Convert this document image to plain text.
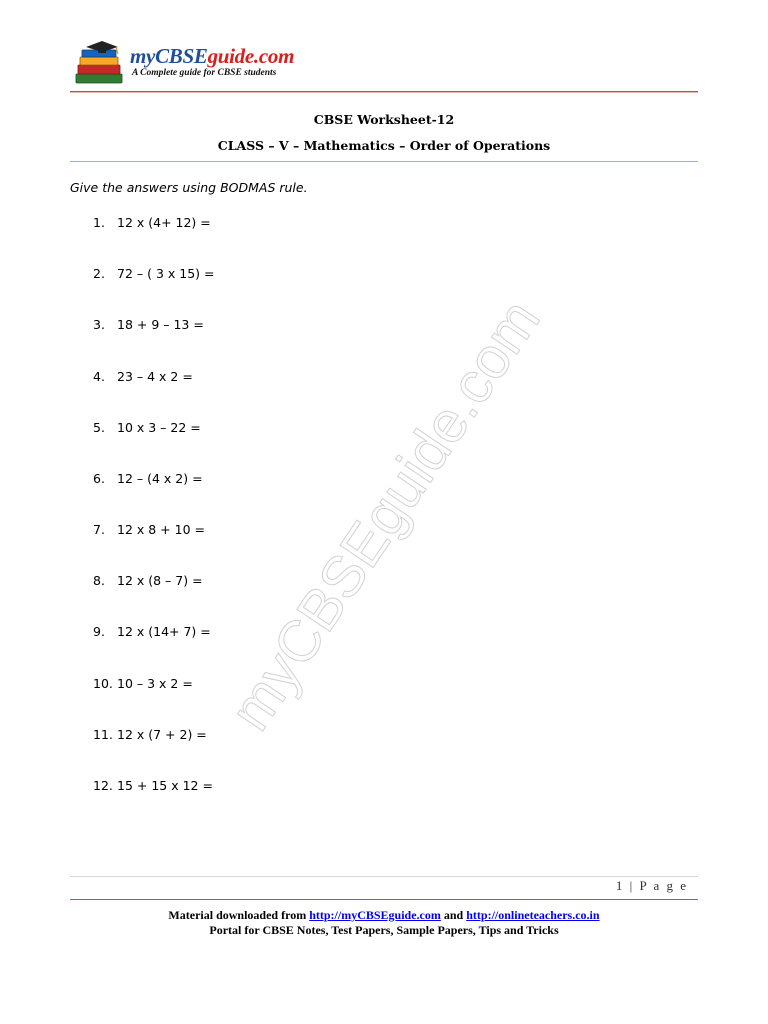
myCBSEguide.com
A Complete guide for CBSE students
CBSE Worksheet-12
CLASS – V – Mathematics – Order of Operations
myCBSEguide.com
Give the answers using BODMAS rule.
1. 12 x (4+ 12) =
2. 72 – ( 3 x 15) =
3. 18 + 9 – 13 =
4. 23 – 4 x 2 =
5. 10 x 3 – 22 =
6. 12 – (4 x 2) =
7. 12 x 8 + 10 =
8. 12 x (8 – 7) =
9. 12 x (14+ 7) =
10. 10 – 3 x 2 =
11. 12 x (7 + 2) =
12. 15 + 15 x 12 =
1 | P a g e
Material downloaded from http://myCBSEguide.com and http://onlineteachers.co.in
Portal for CBSE Notes, Test Papers, Sample Papers, Tips and Tricks
